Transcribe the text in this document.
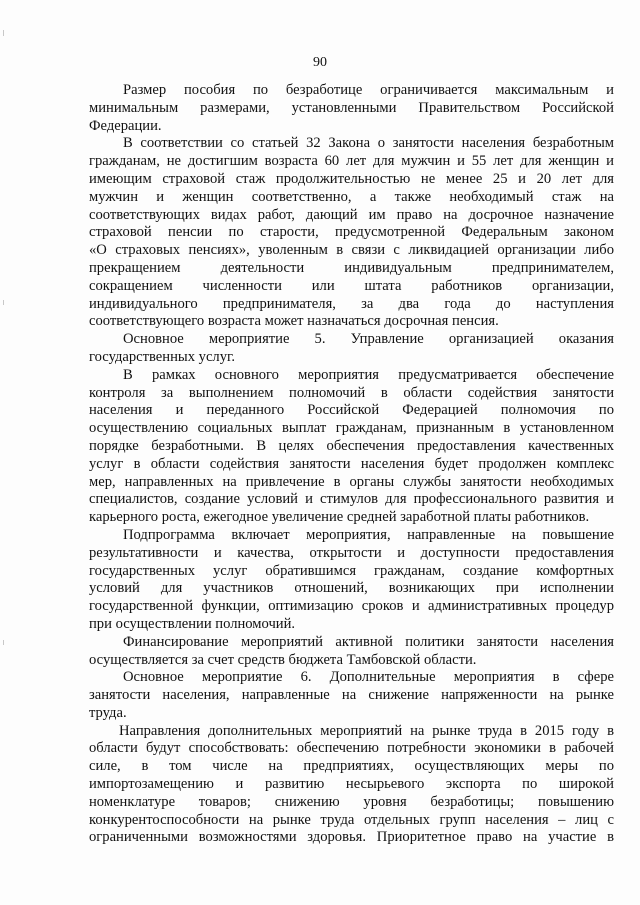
90
Размер пособия по безработице ограничивается максимальным и
минимальным размерами, установленными Правительством Российской
Федерации.
В соответствии со статьей 32 Закона о занятости населения безработным
гражданам, не достигшим возраста 60 лет для мужчин и 55 лет для женщин и
имеющим страховой стаж продолжительностью не менее 25 и 20 лет для
мужчин и женщин соответственно, а также необходимый стаж на
соответствующих видах работ, дающий им право на досрочное назначение
страховой пенсии по старости, предусмотренной Федеральным законом
«О страховых пенсиях», уволенным в связи с ликвидацией организации либо
прекращением деятельности индивидуальным предпринимателем,
сокращением численности или штата работников организации,
индивидуального предпринимателя, за два года до наступления
соответствующего возраста может назначаться досрочная пенсия.
Основное мероприятие 5. Управление организацией оказания
государственных услуг.
В рамках основного мероприятия предусматривается обеспечение
контроля за выполнением полномочий в области содействия занятости
населения и переданного Российской Федерацией полномочия по
осуществлению социальных выплат гражданам, признанным в установленном
порядке безработными. В целях обеспечения предоставления качественных
услуг в области содействия занятости населения будет продолжен комплекс
мер, направленных на привлечение в органы службы занятости необходимых
специалистов, создание условий и стимулов для профессионального развития и
карьерного роста, ежегодное увеличение средней заработной платы работников.
Подпрограмма включает мероприятия, направленные на повышение
результативности и качества, открытости и доступности предоставления
государственных услуг обратившимся гражданам, создание комфортных
условий для участников отношений, возникающих при исполнении
государственной функции, оптимизацию сроков и административных процедур
при осуществлении полномочий.
Финансирование мероприятий активной политики занятости населения
осуществляется за счет средств бюджета Тамбовской области.
Основное мероприятие 6. Дополнительные мероприятия в сфере
занятости населения, направленные на снижение напряженности на рынке
труда.
Направления дополнительных мероприятий на рынке труда в 2015 году в
области будут способствовать: обеспечению потребности экономики в рабочей
силе, в том числе на предприятиях, осуществляющих меры по
импортозамещению и развитию несырьевого экспорта по широкой
номенклатуре товаров; снижению уровня безработицы; повышению
конкурентоспособности на рынке труда отдельных групп населения – лиц с
ограниченными возможностями здоровья. Приоритетное право на участие в
